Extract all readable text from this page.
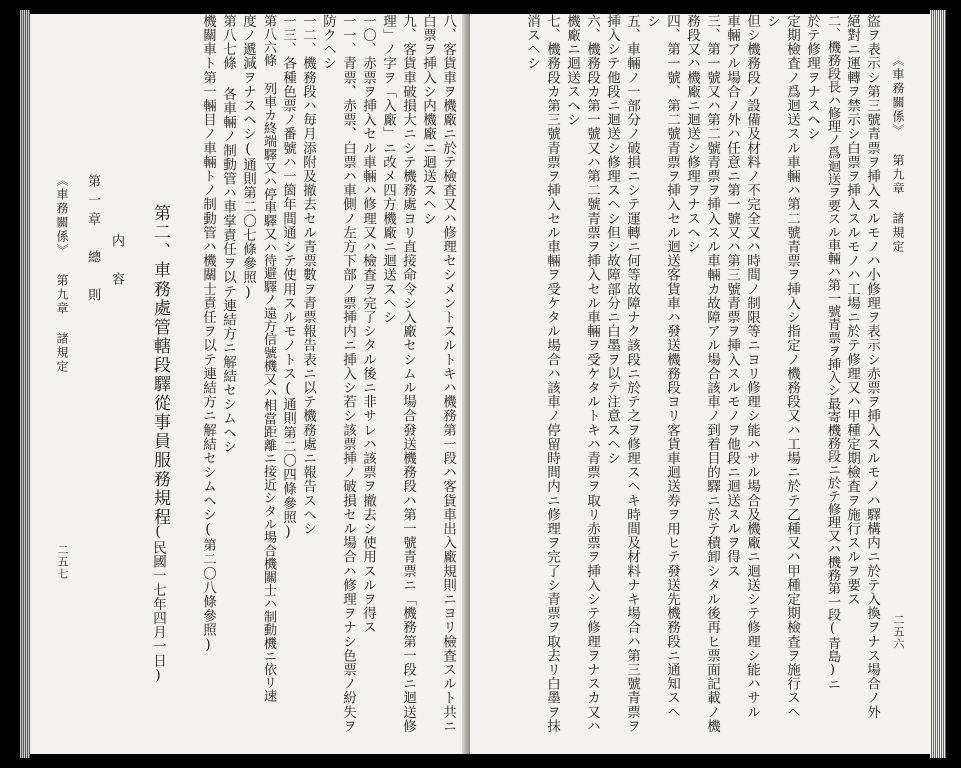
八、客貨車ヲ機廠ニ於テ檢査又ハ修理セシメントスルトキハ機務第一段ハ客貨車出入廠規則ニヨリ檢査スルト共ニ
白票ヲ挿入シ内機廠ニ迴送スヘシ
九、客貨車破損大ニシテ機務處ヨリ直接命令シ入廠セシムル場合發送機務段ハ第一號青票ニ「機務第一段ニ迴送修
理」ノ字ヲ「入廠」ニ改メ四方機廠ニ迴送スヘシ
一〇、赤票ヲ挿入セル車輛ハ修理又ハ檢査ヲ完了シタル後ニ非サレハ該票ヲ撤去シ使用スルヲ得ス
一一、青票、赤票、白票ハ車側ノ左方下部ノ票挿内ニ挿入シ若シ該票挿ノ破損セル場合ハ修理ヲナシ色票ノ紛失ヲ
防クヘシ
一二、機務段ハ毎月添附及撤去セル青票數ヲ青票報告表ニ以テ機務處ニ報告スヘシ
一三、各種色票ノ番號ハ一箇年間通シテ使用スルモノトス(通則第二〇四條參照)
第八六條 列車カ終端驛又ハ停車驛又ハ待避驛ノ遠方信號機又ハ相當距離ニ接近シタル場合機關士ハ制動機ニ依リ速
度ノ遞減ヲナスヘシ(通則第二〇七條參照)
第八七條 各車輛ノ制動管ハ車掌責任ヲ以テ連結方ニ解結セシムヘシ
機關車ト第一輛目ノ車輛トノ制動管ハ機關士責任ヲ以テ連結方ニ解結セシムヘシ(第二〇八條參照)
第二、車務處管轄段驛從事員服務規程
(民國一七年四月一日)
内　容
第一章　總　則
《車務關係》 第九章 諸規定
二五七
《車務關係》 第九章 諸規定
二五六
盜ヲ表示シ第三號青票ヲ挿入スルモノハ小修理ヲ表示シ赤票ヲ挿入スルモノハ驛構内ニ於テ入換ヲナス場合ノ外
絕對ニ運轉ヲ禁示シ白票ヲ挿入スルモノハ工場ニ於テ修理又ハ甲種定期檢査ヲ施行スルヲ要ス
二、機務段長ハ修理ノ爲迴送ヲ要スル車輛ハ第一號青票ヲ挿入シ最寄機務段ニ於テ修理又ハ機務第一段(青島)ニ
於テ修理ヲナスヘシ
定期檢査ノ爲迴送スル車輛ハ第二號青票ヲ挿入シ指定ノ機務段又ハ工場ニ於テ乙種又ハ甲種定期檢査ヲ施行スヘ
シ
但シ機務段ノ設備及材料ノ不完全又ハ時間ノ制限等ニヨリ修理シ能ハサル場合及機廠ニ迴送シテ修理シ能ハサル
車輛アル場合ノ外ハ任意ニ第一號又ハ第三號青票ヲ挿入スルモノヲ他段ニ迴送スルヲ得ス
三、第一號又ハ第二號青票ヲ挿入スル車輛カ故障アル場合該車ノ到着目的驛ニ於テ積卸シタル後再ヒ票面記載ノ機
務段又ハ機廠ニ迴送シ修理ヲナスヘシ
四、第一號、第二號青票ヲ挿入セル迴送客貨車ハ發送機務段ヨリ客貨車迴送券ヲ用ヒテ發送先機務段ニ通知スヘ
シ
五、車輛ノ一部分ノ破損ニシテ運轉ニ何等故障ナク該段ニ於テ之ヲ修理スヘキ時間及材料ナキ場合ハ第三號青票ヲ
挿入シテ他段ニ迴送シ修理スヘシ但シ故障部分ニ白墨ヲ以テ注意スヘシ
六、機務段カ第一號又ハ第二號青票ヲ挿入セル車輛ヲ受ケタルトキハ青票ヲ取リ赤票ヲ挿入シテ修理ヲナスカ又ハ
機廠ニ迴送スヘシ
七、機務段カ第三號青票ヲ挿入セル車輛ヲ受ケタル場合ハ該車ノ停留時間内ニ修理ヲ完了シ青票ヲ取去リ白墨ヲ抹
消スヘシ
